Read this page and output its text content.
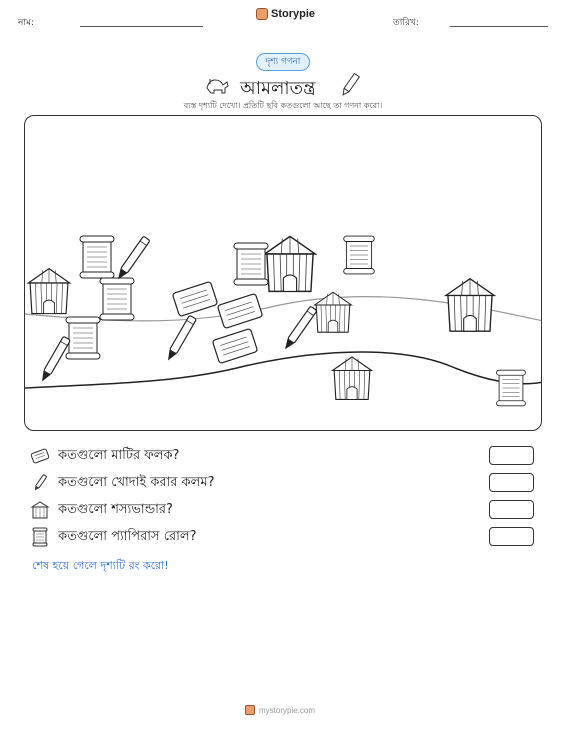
নাম:
Storypie
তারিখ:
দৃশ্য গণনা
আমলাতন্ত্র
ব্যস্ত দৃশ্যটি দেখো। প্রতিটি ছবি কতগুলো আছে তা গণনা করো।
কতগুলো মাটির ফলক?
কতগুলো খোদাই করার কলম?
কতগুলো শস্যভান্ডার?
কতগুলো প্যাপিরাস রোল?
শেষ হয়ে গেলে দৃশ্যটি রং করো!
mystorypie.com
